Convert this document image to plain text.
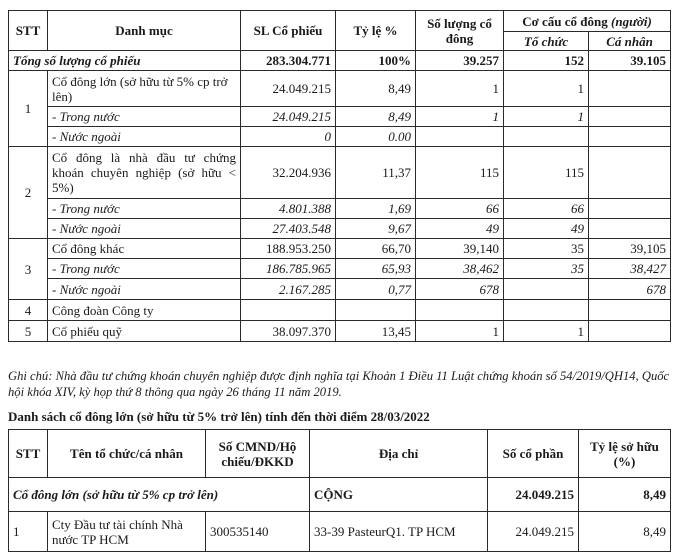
STT	Danh mục	SL Cổ phiếu	Tỷ lệ %	Số lượng cổ đông	Cơ cấu cổ đông (người)	
					Tổ chức	Cá nhân
Tổng số lượng cổ phiếu		283.304.771	100%	39.257	152	39.105
1	Cổ đông lớn (sở hữu từ 5% cp trở lên)	24.049.215	8,49	1	1	
	- Trong nước	24.049.215	8,49	1	1	
	- Nước ngoài	0	0.00			
2	Cổ đông là nhà đầu tư chứng khoán chuyên nghiệp (sở hữu < 5%)	32.204.936	11,37	115	115	
	- Trong nước	4.801.388	1,69	66	66	
	- Nước ngoài	27.403.548	9,67	49	49	
3	Cổ đông khác	188.953.250	66,70	39,140	35	39,105
	- Trong nước	186.785.965	65,93	38,462	35	38,427
	- Nước ngoài	2.167.285	0,77	678		678
4	Công đoàn Công ty					
5	Cổ phiếu quỹ	38.097.370	13,45	1	1	
Ghi chú: Nhà đầu tư chứng khoán chuyên nghiệp được định nghĩa tại Khoản 1 Điều 11 Luật chứng khoán số 54/2019/QH14, Quốc hội khóa XIV, kỳ họp thứ 8 thông qua ngày 26 tháng 11 năm 2019.
Danh sách cổ đông lớn (sở hữu từ 5% trở lên) tính đến thời điểm 28/03/2022
STT	Tên tổ chức/cá nhân	Số CMND/Hộ chiếu/ĐKKD	Địa chỉ	Số cổ phần	Tỷ lệ sở hữu (%)
Cổ đông lớn (sở hữu từ 5% cp trở lên)			CỘNG	24.049.215	8,49
1	Cty Đầu tư tài chính Nhà nước TP HCM	300535140	33-39 PasteurQ1. TP HCM	24.049.215	8,49
